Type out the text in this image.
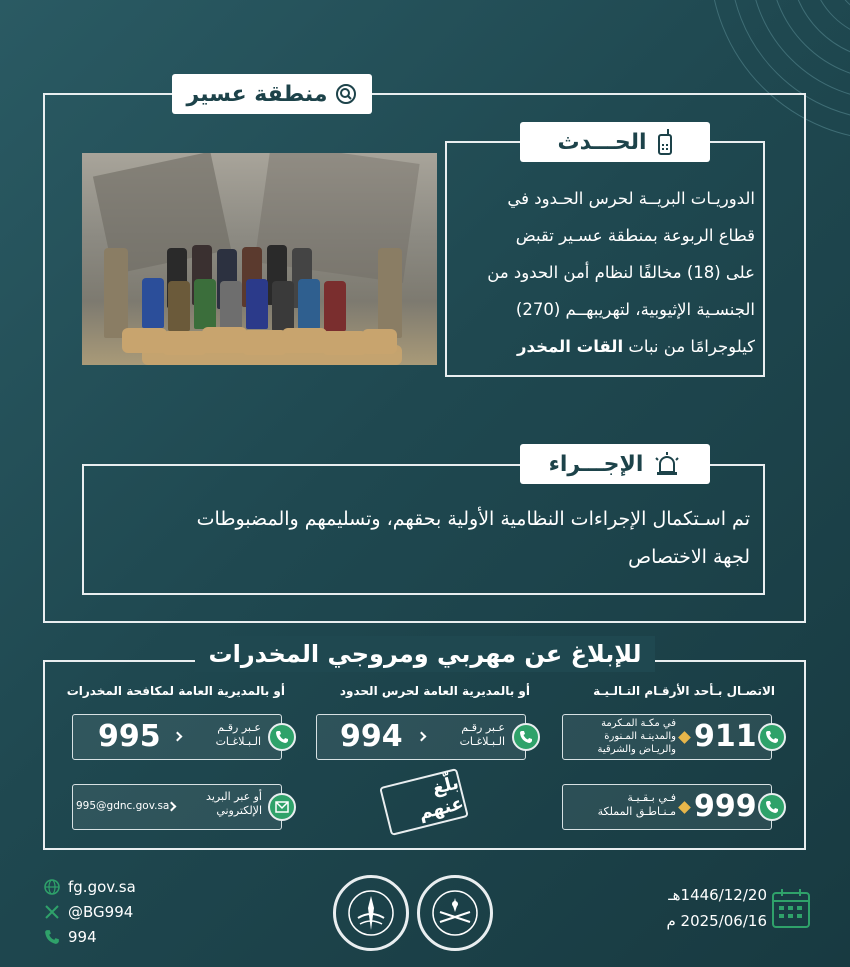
منطقة عسير
الحـــدث
الدوريـات البريــة لحرس الحـدود في
قطاع الربوعة بمنطقة عسـير تقبض
على (18) مخالفًا لنظام أمن الحدود من
الجنسـية الإثيوبية، لتهريبهــم (270)
كيلوجرامًا من نبات القات المخدر
الإجـــراء
تم اسـتكمال الإجراءات النظامية الأولية بحقهم، وتسليمهم والمضبوطات
لجهة الاختصاص
للإبلاغ عن مهربي ومروجي المخدرات
الاتصـال بـأحد الأرقـام التـالـيـة
أو بالمديرية العامة لحرس الحدود
أو بالمديرية العامة لمكافحة المخدرات
911
في مكـة المـكرمة والمدينـة المـنورة والريـاض والشرقية
999
فـي بـقـيـة
مـنـاطـق المملكة
عـبر رقـم
الـبـلاغـات
994
عـبر رقـم
الـبـلاغـات
995
أو عبر البريد
الإلكتروني
995@gdnc.gov.sa
بلّغ عنهم
fg.gov.sa
@BG994
994
1446/12/20هـ
2025/06/16 م
